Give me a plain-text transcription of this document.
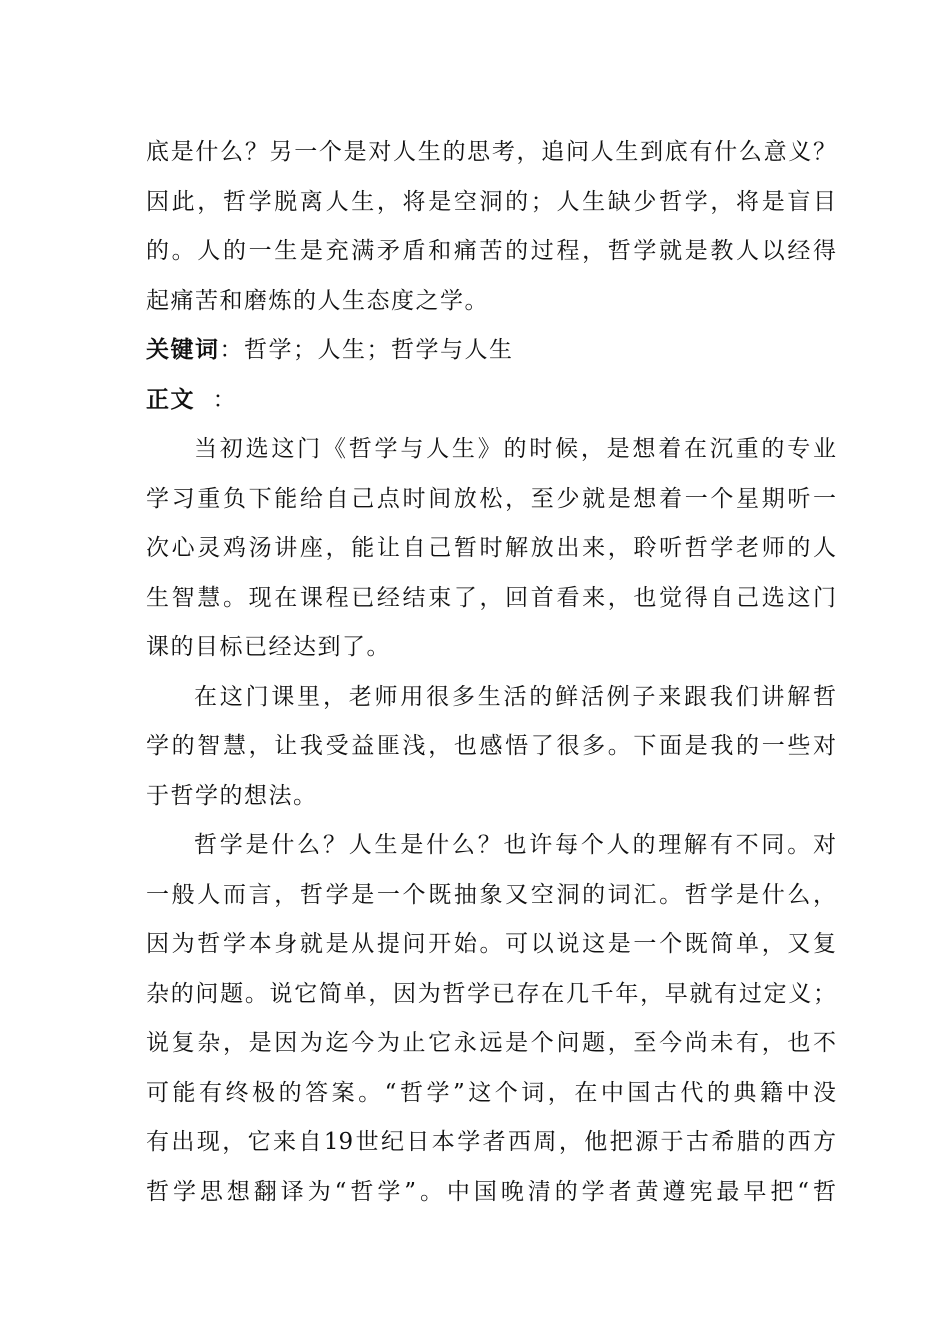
底是什么？另一个是对人生的思考，追问人生到底有什么意义？
因此，哲学脱离人生，将是空洞的；人生缺少哲学，将是盲目
的。人的一生是充满矛盾和痛苦的过程，哲学就是教人以经得
起痛苦和磨炼的人生态度之学。
关键词：哲学；人生；哲学与人生
正文  ：
当初选这门《哲学与人生》的时候，是想着在沉重的专业
学习重负下能给自己点时间放松，至少就是想着一个星期听一
次心灵鸡汤讲座，能让自己暂时解放出来，聆听哲学老师的人
生智慧。现在课程已经结束了，回首看来，也觉得自己选这门
课的目标已经达到了。
在这门课里，老师用很多生活的鲜活例子来跟我们讲解哲
学的智慧，让我受益匪浅，也感悟了很多。下面是我的一些对
于哲学的想法。
哲学是什么？人生是什么？也许每个人的理解有不同。对
一般人而言，哲学是一个既抽象又空洞的词汇。哲学是什么，
因为哲学本身就是从提问开始。可以说这是一个既简单，又复
杂的问题。说它简单，因为哲学已存在几千年，早就有过定义；
说复杂，是因为迄今为止它永远是个问题，至今尚未有，也不
可能有终极的答案。“哲学”这个词，在中国古代的典籍中没
有出现，它来自19世纪日本学者西周，他把源于古希腊的西方
哲学思想翻译为“哲学”。中国晚清的学者黄遵宪最早把“哲
